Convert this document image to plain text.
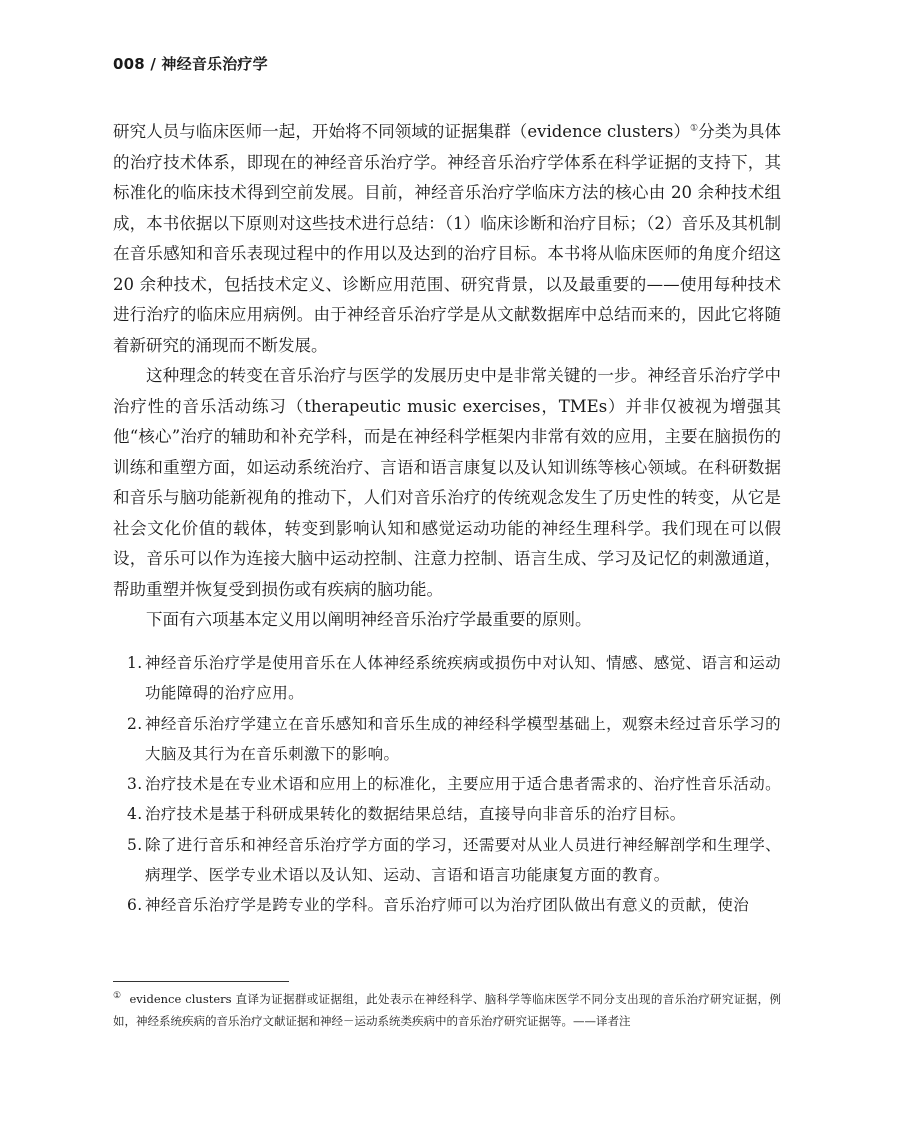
008 / 神经音乐治疗学

研究人员与临床医师一起，开始将不同领域的证据集群（evidence clusters）①分类为具体的治疗技术体系，即现在的神经音乐治疗学。神经音乐治疗学体系在科学证据的支持下，其标准化的临床技术得到空前发展。目前，神经音乐治疗学临床方法的核心由 20 余种技术组成，本书依据以下原则对这些技术进行总结：（1）临床诊断和治疗目标；（2）音乐及其机制在音乐感知和音乐表现过程中的作用以及达到的治疗目标。本书将从临床医师的角度介绍这 20 余种技术，包括技术定义、诊断应用范围、研究背景，以及最重要的——使用每种技术进行治疗的临床应用病例。由于神经音乐治疗学是从文献数据库中总结而来的，因此它将随着新研究的涌现而不断发展。

这种理念的转变在音乐治疗与医学的发展历史中是非常关键的一步。神经音乐治疗学中治疗性的音乐活动练习（therapeutic music exercises，TMEs）并非仅被视为增强其他“核心”治疗的辅助和补充学科，而是在神经科学框架内非常有效的应用，主要在脑损伤的训练和重塑方面，如运动系统治疗、言语和语言康复以及认知训练等核心领域。在科研数据和音乐与脑功能新视角的推动下，人们对音乐治疗的传统观念发生了历史性的转变，从它是社会文化价值的载体，转变到影响认知和感觉运动功能的神经生理科学。我们现在可以假设，音乐可以作为连接大脑中运动控制、注意力控制、语言生成、学习及记忆的刺激通道，帮助重塑并恢复受到损伤或有疾病的脑功能。

下面有六项基本定义用以阐明神经音乐治疗学最重要的原则。

1. 神经音乐治疗学是使用音乐在人体神经系统疾病或损伤中对认知、情感、感觉、语言和运动功能障碍的治疗应用。
2. 神经音乐治疗学建立在音乐感知和音乐生成的神经科学模型基础上，观察未经过音乐学习的大脑及其行为在音乐刺激下的影响。
3. 治疗技术是在专业术语和应用上的标准化，主要应用于适合患者需求的、治疗性音乐活动。
4. 治疗技术是基于科研成果转化的数据结果总结，直接导向非音乐的治疗目标。
5. 除了进行音乐和神经音乐治疗学方面的学习，还需要对从业人员进行神经解剖学和生理学、病理学、医学专业术语以及认知、运动、言语和语言功能康复方面的教育。
6. 神经音乐治疗学是跨专业的学科。音乐治疗师可以为治疗团队做出有意义的贡献，使治

① evidence clusters 直译为证据群或证据组，此处表示在神经科学、脑科学等临床医学不同分支出现的音乐治疗研究证据，例如，神经系统疾病的音乐治疗文献证据和神经－运动系统类疾病中的音乐治疗研究证据等。——译者注
